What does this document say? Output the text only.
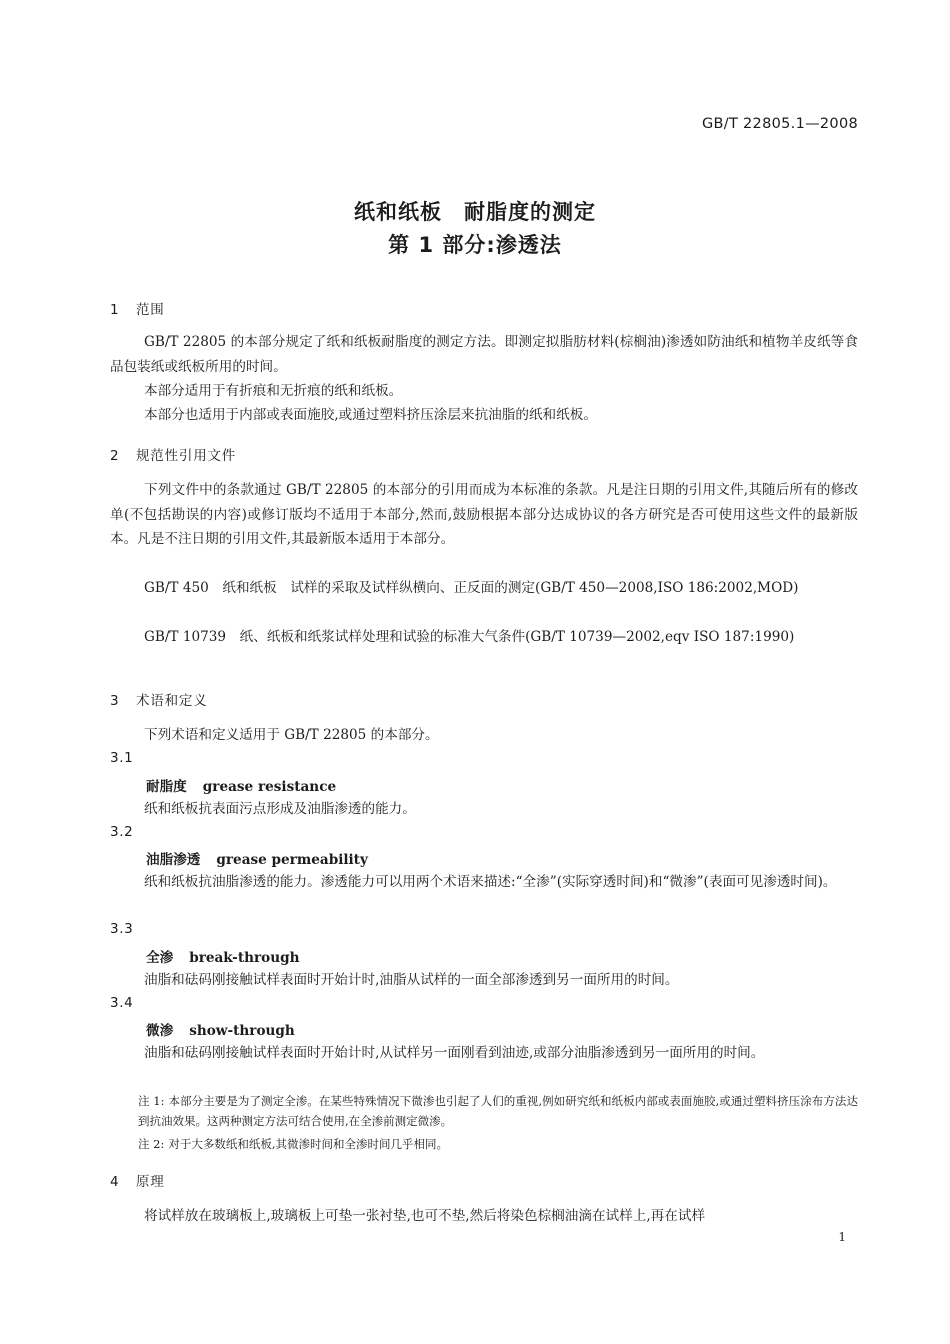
GB/T 22805.1—2008
纸和纸板　耐脂度的测定
第 1 部分:渗透法
1 范围
GB/T 22805 的本部分规定了纸和纸板耐脂度的测定方法。即测定拟脂肪材料(棕榈油)渗透如防油纸和植物羊皮纸等食品包装纸或纸板所用的时间。
本部分适用于有折痕和无折痕的纸和纸板。
本部分也适用于内部或表面施胶,或通过塑料挤压涂层来抗油脂的纸和纸板。
2 规范性引用文件
下列文件中的条款通过 GB/T 22805 的本部分的引用而成为本标准的条款。凡是注日期的引用文件,其随后所有的修改单(不包括勘误的内容)或修订版均不适用于本部分,然而,鼓励根据本部分达成协议的各方研究是否可使用这些文件的最新版本。凡是不注日期的引用文件,其最新版本适用于本部分。
GB/T 450　纸和纸板　试样的采取及试样纵横向、正反面的测定(GB/T 450—2008,ISO 186:2002,MOD)
GB/T 10739　纸、纸板和纸浆试样处理和试验的标准大气条件(GB/T 10739—2002,eqv ISO 187:1990)
3 术语和定义
下列术语和定义适用于 GB/T 22805 的本部分。
3.1
耐脂度 grease resistance
纸和纸板抗表面污点形成及油脂渗透的能力。
3.2
油脂渗透 grease permeability
纸和纸板抗油脂渗透的能力。渗透能力可以用两个术语来描述:“全渗”(实际穿透时间)和“微渗”(表面可见渗透时间)。
3.3
全渗 break-through
油脂和砝码刚接触试样表面时开始计时,油脂从试样的一面全部渗透到另一面所用的时间。
3.4
微渗 show-through
油脂和砝码刚接触试样表面时开始计时,从试样另一面刚看到油迹,或部分油脂渗透到另一面所用的时间。
注 1: 本部分主要是为了测定全渗。在某些特殊情况下微渗也引起了人们的重视,例如研究纸和纸板内部或表面施胶,或通过塑料挤压涂布方法达到抗油效果。这两种测定方法可结合使用,在全渗前测定微渗。
注 2: 对于大多数纸和纸板,其微渗时间和全渗时间几乎相同。
4 原理
将试样放在玻璃板上,玻璃板上可垫一张衬垫,也可不垫,然后将染色棕榈油滴在试样上,再在试样
1
